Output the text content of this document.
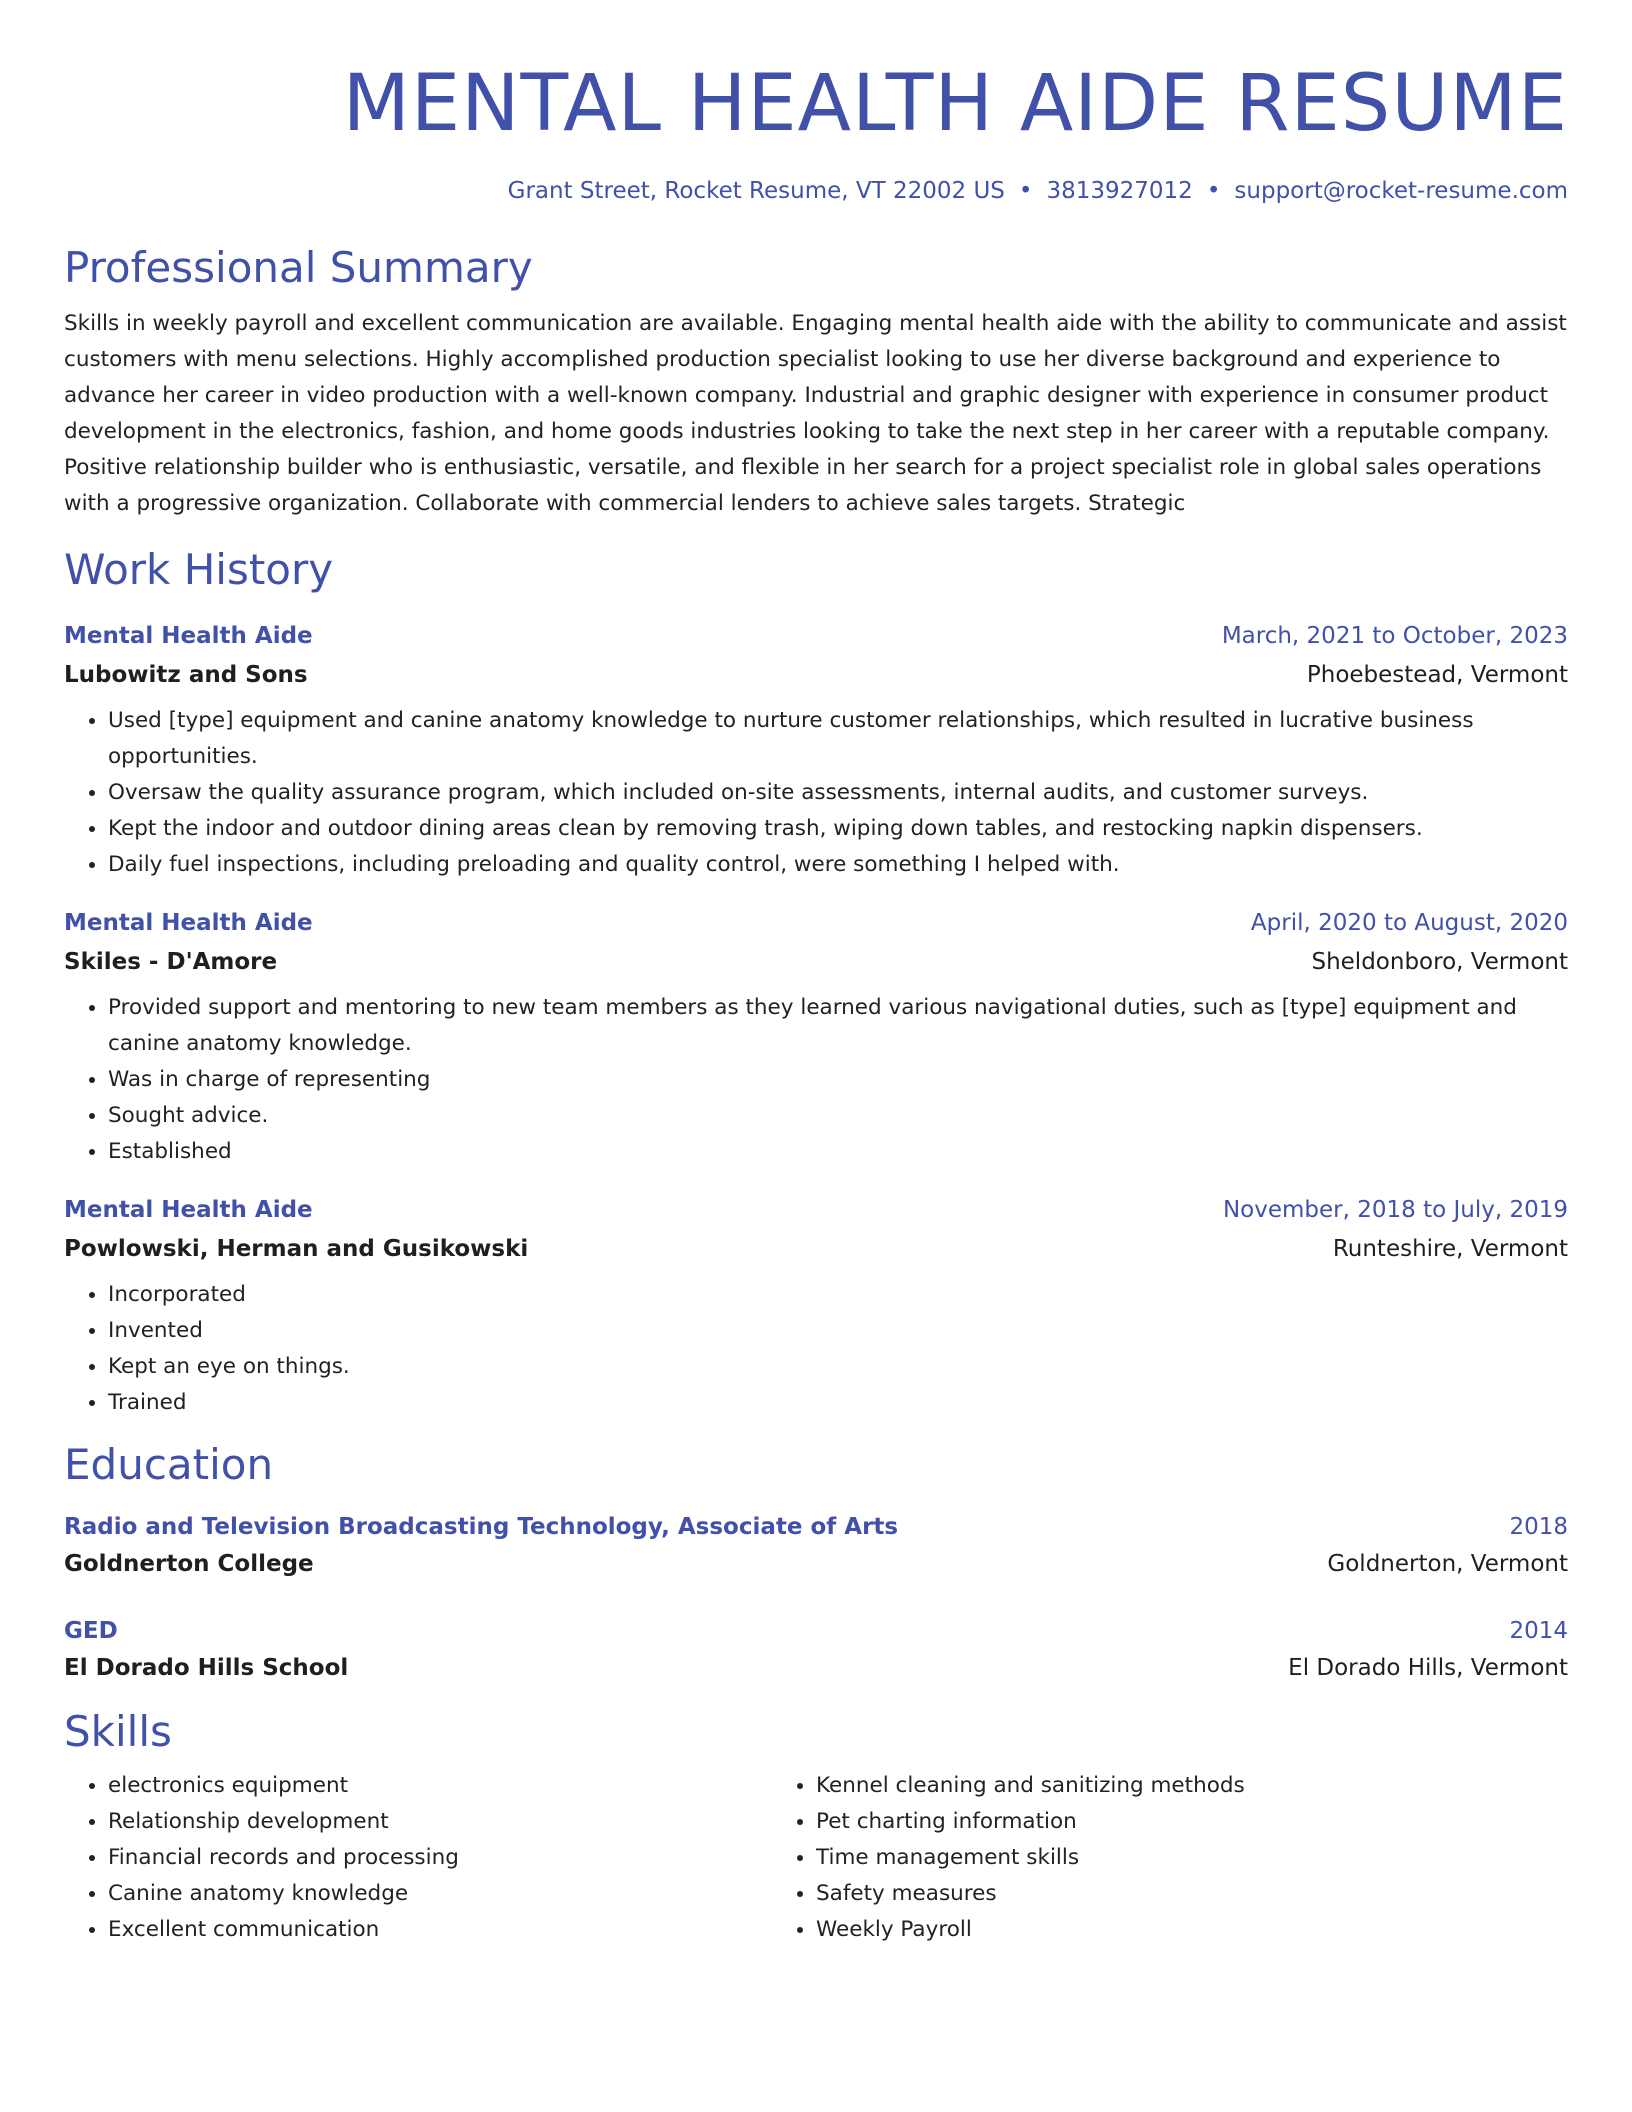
MENTAL HEALTH AIDE RESUME
Grant Street, Rocket Resume, VT 22002 US • 3813927012 • support@rocket-resume.com
Professional Summary
Skills in weekly payroll and excellent communication are available. Engaging mental health aide with the ability to communicate and assist customers with menu selections. Highly accomplished production specialist looking to use her diverse background and experience to advance her career in video production with a well-known company. Industrial and graphic designer with experience in consumer product development in the electronics, fashion, and home goods industries looking to take the next step in her career with a reputable company. Positive relationship builder who is enthusiastic, versatile, and flexible in her search for a project specialist role in global sales operations with a progressive organization. Collaborate with commercial lenders to achieve sales targets. Strategic
Work History
Mental Health Aide	March, 2021 to October, 2023
Lubowitz and Sons	Phoebestead, Vermont
• Used [type] equipment and canine anatomy knowledge to nurture customer relationships, which resulted in lucrative business opportunities.
• Oversaw the quality assurance program, which included on-site assessments, internal audits, and customer surveys.
• Kept the indoor and outdoor dining areas clean by removing trash, wiping down tables, and restocking napkin dispensers.
• Daily fuel inspections, including preloading and quality control, were something I helped with.
Mental Health Aide	April, 2020 to August, 2020
Skiles - D'Amore	Sheldonboro, Vermont
• Provided support and mentoring to new team members as they learned various navigational duties, such as [type] equipment and canine anatomy knowledge.
• Was in charge of representing
• Sought advice.
• Established
Mental Health Aide	November, 2018 to July, 2019
Powlowski, Herman and Gusikowski	Runteshire, Vermont
• Incorporated
• Invented
• Kept an eye on things.
• Trained
Education
Radio and Television Broadcasting Technology, Associate of Arts	2018
Goldnerton College	Goldnerton, Vermont
GED	2014
El Dorado Hills School	El Dorado Hills, Vermont
Skills
• electronics equipment
• Relationship development
• Financial records and processing
• Canine anatomy knowledge
• Excellent communication
• Kennel cleaning and sanitizing methods
• Pet charting information
• Time management skills
• Safety measures
• Weekly Payroll
